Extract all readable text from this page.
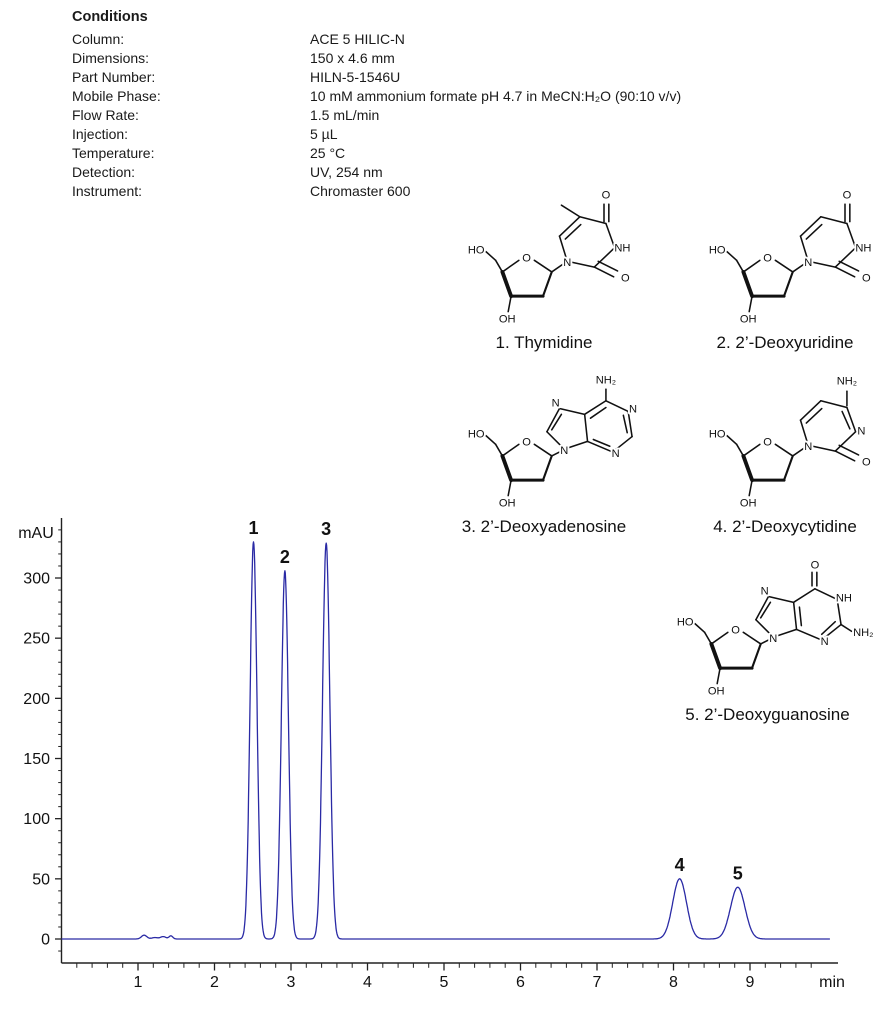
Conditions
Column:	ACE 5 HILIC-N
Dimensions:	150 x 4.6 mm
Part Number:	HILN-5-1546U
Mobile Phase:	10 mM ammonium formate pH 4.7 in MeCN:H₂O (90:10 v/v)
Flow Rate:	1.5 mL/min
Injection:	5 µL
Temperature:	25 °C
Detection:	UV, 254 nm
Instrument:	Chromaster 600
HO
O
OH
N
NH
O
O
1. Thymidine
HO
O
OH
N
NH
O
O
2. 2’-Deoxyuridine
HO
O
OH
N
N
NH₂
N
N
3. 2’-Deoxyadenosine
HO
O
OH
N
NH₂
N
O
4. 2’-Deoxycytidine
HO
O
OH
N
N
O
NH
NH₂
N
5. 2’-Deoxyguanosine
mAU
min
0
50
100
150
200
250
300
1	2	3	4	5	6	7	8	9
1
2
3
4	5
